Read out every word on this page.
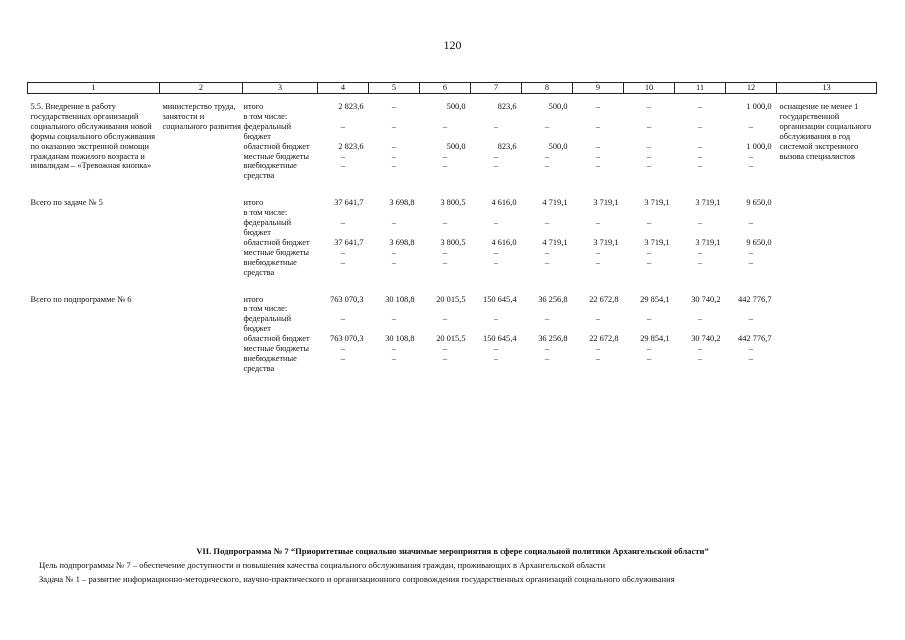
120
1	2	3	4	5	6	7	8	9	10	11	12	13

5.5. Внедрение в работу государственных организаций социального обслуживания новой формы социального обслуживания по оказанию экстренной помощи гражданам пожилого возраста и инвалидам – «Тревожная кнопка»	министерство труда, занятости и социального развития	итого	2 823,6	–	500,0	823,6	500,0	–	–	–	1 000,0	оснащение не менее 1 государственной организации социального обслуживания в год системой экстренного вызова специалистов
		в том числе:										
		федеральный бюджет	–	–	–	–	–	–	–	–	–	
		областной бюджет	2 823,6	–	500,0	823,6	500,0	–	–	–	1 000,0	
		местные бюджеты	–	–	–	–	–	–	–	–	–	
		внебюджетные средства	–	–	–	–	–	–	–	–	–	

Всего по задаче № 5		итого	37 641,7	3 698,8	3 800,5	4 616,0	4 719,1	3 719,1	3 719,1	3 719,1	9 650,0	
		в том числе:										
		федеральный бюджет	–	–	–	–	–	–	–	–	–	
		областной бюджет	37 641,7	3 698,8	3 800,5	4 616,0	4 719,1	3 719,1	3 719,1	3 719,1	9 650,0	
		местные бюджеты	–	–	–	–	–	–	–	–	–	
		внебюджетные средства	–	–	–	–	–	–	–	–	–	

Всего по подпрограмме № 6		итого	763 070,3	30 108,8	20 015,5	150 645,4	36 256,8	22 672,8	29 854,1	30 740,2	442 776,7	
		в том числе:										
		федеральный бюджет	–	–	–	–	–	–	–	–	–	
		областной бюджет	763 070,3	30 108,8	20 015,5	150 645,4	36 256,8	22 672,8	29 854,1	30 740,2	442 776,7	
		местные бюджеты	–	–	–	–	–	–	–	–	–	
		внебюджетные средства	–	–	–	–	–	–	–	–	–	
VII. Подпрограмма № 7 “Приоритетные социально значимые мероприятия в сфере социальной политики Архангельской области”
Цель подпрограммы № 7 – обеспечение доступности и повышения качества социального обслуживания граждан, проживающих в Архангельской области
Задача № 1 – развитие информационно-методического, научно-практического и организационного сопровождения государственных организаций социального обслуживания
